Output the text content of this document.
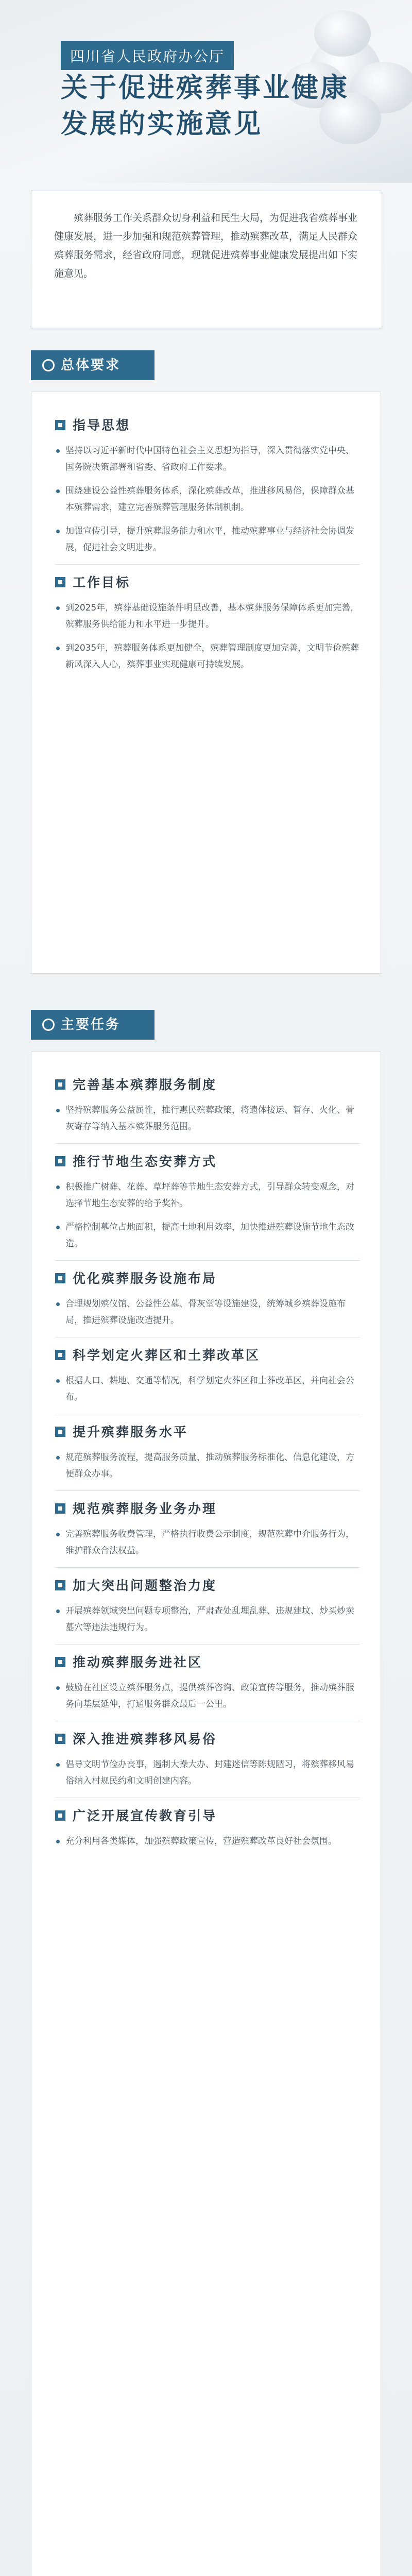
四川省人民政府办公厅
关于促进殡葬事业健康
发展的实施意见

殡葬服务工作关系群众切身利益和民生大局，为促进我省殡葬事业健康发展，进一步加强和规范殡葬管理，推动殡葬改革，满足人民群众殡葬服务需求，经省政府同意，现就促进殡葬事业健康发展提出如下实施意见。

总体要求
指导思想
坚持以习近平新时代中国特色社会主义思想为指导，深入贯彻落实党中央、国务院决策部署和省委、省政府工作要求。
围绕建设公益性殡葬服务体系，深化殡葬改革，推进移风易俗，保障群众基本殡葬需求，建立完善殡葬管理服务体制机制。
加强宣传引导，提升殡葬服务能力和水平，推动殡葬事业与经济社会协调发展，促进社会文明进步。
工作目标
到2025年，殡葬基础设施条件明显改善，基本殡葬服务保障体系更加完善，殡葬服务供给能力和水平进一步提升。
到2035年，殡葬服务体系更加健全，殡葬管理制度更加完善，文明节俭殡葬新风深入人心，殡葬事业实现健康可持续发展。
主要任务
完善基本殡葬服务制度
坚持殡葬服务公益属性，推行惠民殡葬政策，将遗体接运、暂存、火化、骨灰寄存等纳入基本殡葬服务范围。
推行节地生态安葬方式
积极推广树葬、花葬、草坪葬等节地生态安葬方式，引导群众转变观念，对选择节地生态安葬的给予奖补。
严格控制墓位占地面积，提高土地利用效率，加快推进殡葬设施节地生态改造。
优化殡葬服务设施布局
合理规划殡仪馆、公益性公墓、骨灰堂等设施建设，统筹城乡殡葬设施布局，推进殡葬设施改造提升。
科学划定火葬区和土葬改革区
根据人口、耕地、交通等情况，科学划定火葬区和土葬改革区，并向社会公布。
提升殡葬服务水平
规范殡葬服务流程，提高服务质量，推动殡葬服务标准化、信息化建设，方便群众办事。
规范殡葬服务业务办理
完善殡葬服务收费管理，严格执行收费公示制度，规范殡葬中介服务行为，维护群众合法权益。
加大突出问题整治力度
开展殡葬领域突出问题专项整治，严肃查处乱埋乱葬、违规建坟、炒买炒卖墓穴等违法违规行为。
推动殡葬服务进社区
鼓励在社区设立殡葬服务点，提供殡葬咨询、政策宣传等服务，推动殡葬服务向基层延伸，打通服务群众最后一公里。
深入推进殡葬移风易俗
倡导文明节俭办丧事，遏制大操大办、封建迷信等陈规陋习，将殡葬移风易俗纳入村规民约和文明创建内容。
广泛开展宣传教育引导
充分利用各类媒体，加强殡葬政策宣传，营造殡葬改革良好社会氛围。
